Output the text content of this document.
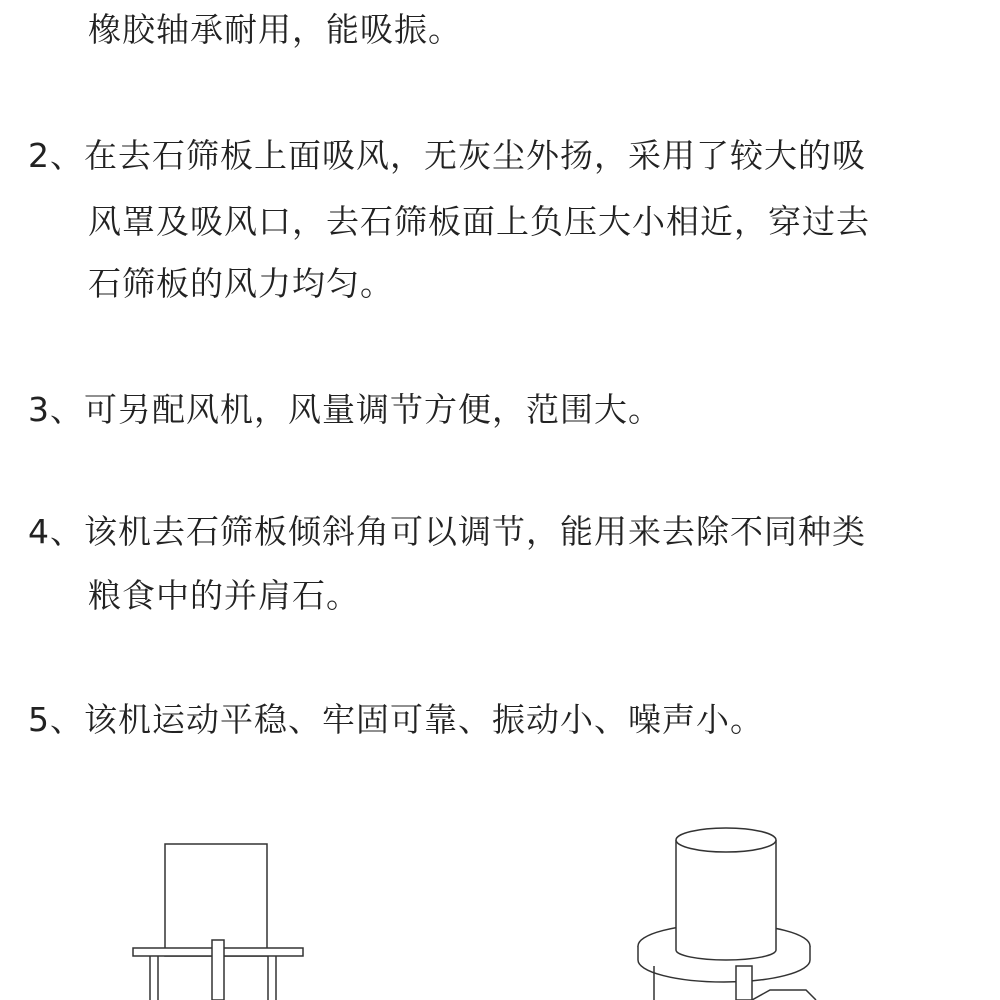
橡胶轴承耐用，能吸振。
2、在去石筛板上面吸风，无灰尘外扬，采用了较大的吸
风罩及吸风口，去石筛板面上负压大小相近，穿过去
石筛板的风力均匀。
3、可另配风机，风量调节方便，范围大。
4、该机去石筛板倾斜角可以调节，能用来去除不同种类
粮食中的并肩石。
5、该机运动平稳、牢固可靠、振动小、噪声小。
